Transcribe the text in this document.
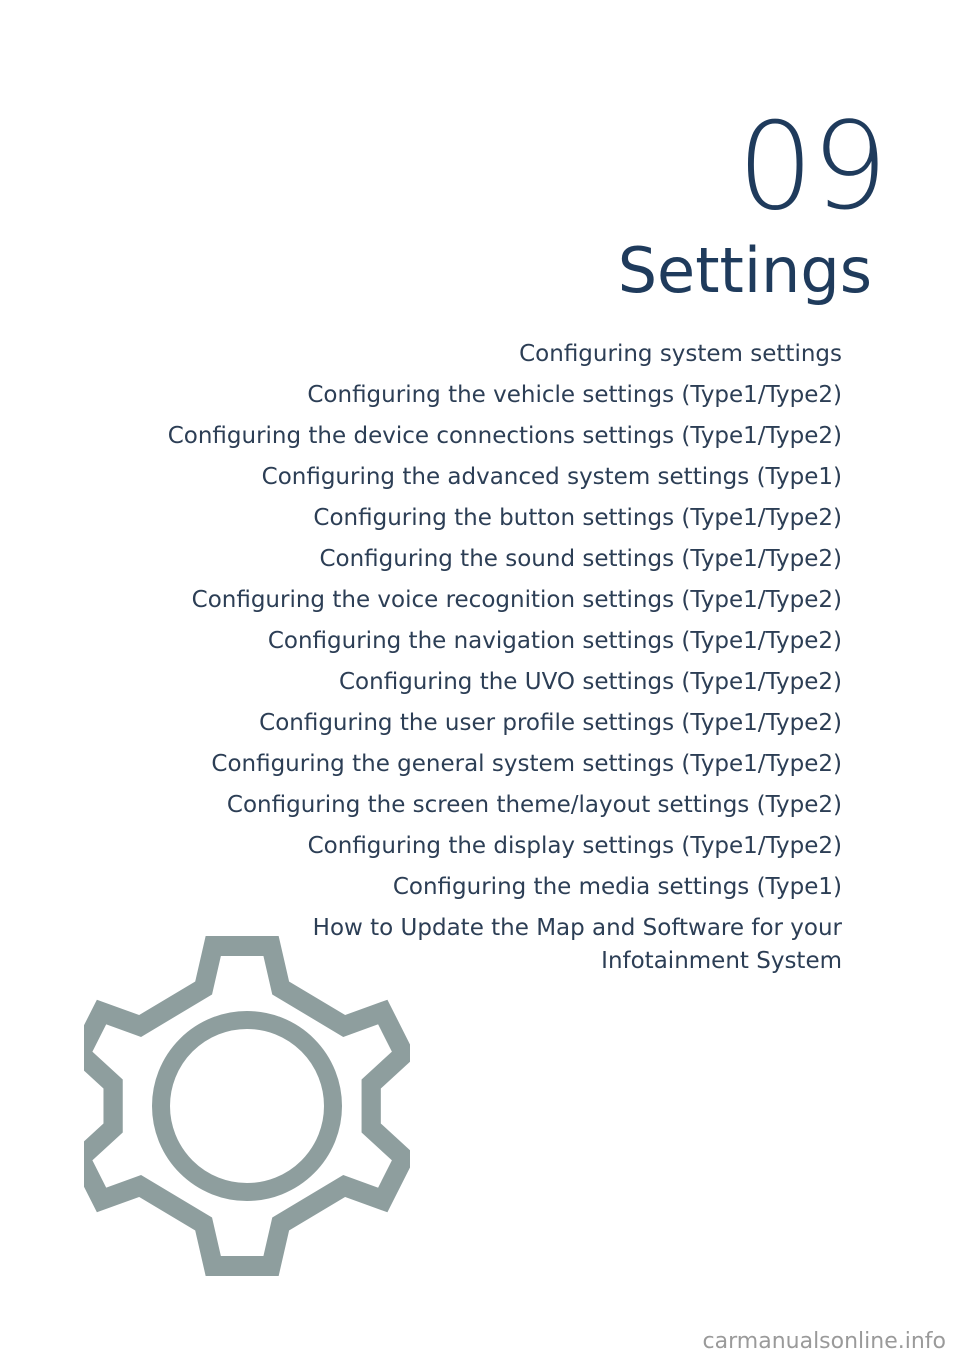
09
Settings
Configuring system settings
Configuring the vehicle settings (Type1/Type2)
Configuring the device connections settings (Type1/Type2)
Configuring the advanced system settings (Type1)
Configuring the button settings (Type1/Type2)
Configuring the sound settings (Type1/Type2)
Configuring the voice recognition settings (Type1/Type2)
Configuring the navigation settings (Type1/Type2)
Configuring the UVO settings (Type1/Type2)
Configuring the user profile settings (Type1/Type2)
Configuring the general system settings (Type1/Type2)
Configuring the screen theme/layout settings (Type2)
Configuring the display settings (Type1/Type2)
Configuring the media settings (Type1)
How to Update the Map and Software for your
Infotainment System
carmanualsonline.info
